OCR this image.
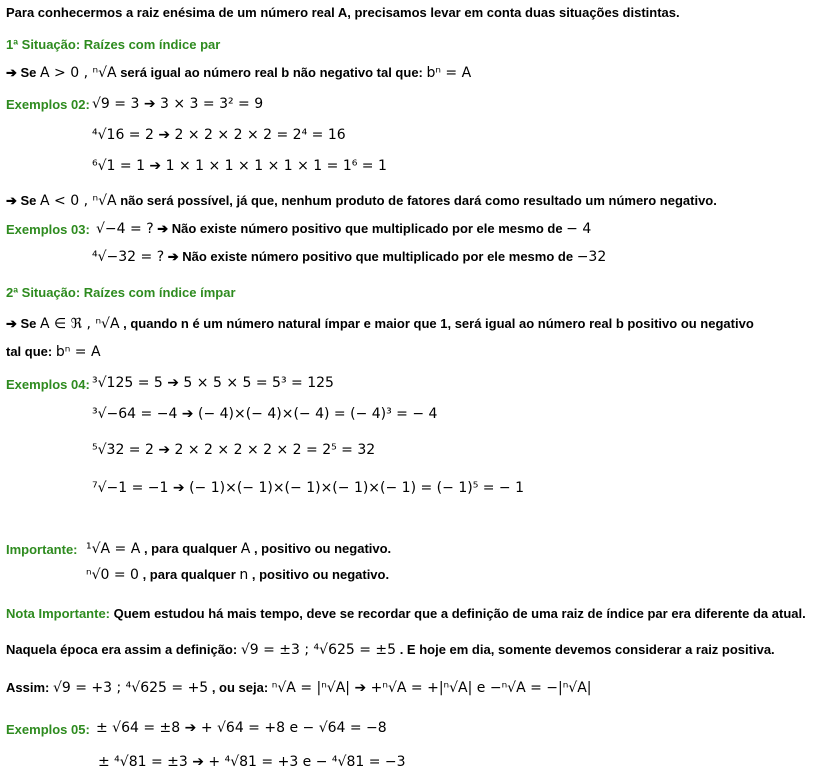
Para conhecermos a raiz enésima de um número real A, precisamos levar em conta duas situações distintas.
1ª Situação: Raízes com índice par
➔ Se A > 0 , ⁿ√A será igual ao número real b não negativo tal que: bⁿ = A
Exemplos 02: √9 = 3 ➔ 3 × 3 = 3² = 9
⁴√16 = 2 ➔ 2 × 2 × 2 × 2 = 2⁴ = 16
⁶√1 = 1 ➔ 1 × 1 × 1 × 1 × 1 × 1 = 1⁶ = 1
➔ Se A < 0 , ⁿ√A não será possível, já que, nenhum produto de fatores dará como resultado um número negativo.
Exemplos 03: √−4 = ? ➔ Não existe número positivo que multiplicado por ele mesmo de − 4
⁴√−32 = ? ➔ Não existe número positivo que multiplicado por ele mesmo de −32
2ª Situação: Raízes com índice ímpar
➔ Se A ∈ ℜ , ⁿ√A , quando n é um número natural ímpar e maior que 1, será igual ao número real b positivo ou negativo
tal que: bⁿ = A
Exemplos 04: ³√125 = 5 ➔ 5 × 5 × 5 = 5³ = 125
³√−64 = −4 ➔ (− 4)×(− 4)×(− 4) = (− 4)³ = − 4
⁵√32 = 2 ➔ 2 × 2 × 2 × 2 × 2 = 2⁵ = 32
⁷√−1 = −1 ➔ (− 1)×(− 1)×(− 1)×(− 1)×(− 1) = (− 1)⁵ = − 1
Importante: ¹√A = A , para qualquer A , positivo ou negativo.
ⁿ√0 = 0 , para qualquer n , positivo ou negativo.
Nota Importante: Quem estudou há mais tempo, deve se recordar que a definição de uma raiz de índice par era diferente da atual.
Naquela época era assim a definição: √9 = ±3 ; ⁴√625 = ±5 . E hoje em dia, somente devemos considerar a raiz positiva.
Assim: √9 = +3 ; ⁴√625 = +5 , ou seja: ⁿ√A = |ⁿ√A| ➔ +ⁿ√A = +|ⁿ√A| e −ⁿ√A = −|ⁿ√A|
Exemplos 05: ± √64 = ±8 ➔ + √64 = +8 e − √64 = −8
± ⁴√81 = ±3 ➔ + ⁴√81 = +3 e − ⁴√81 = −3
